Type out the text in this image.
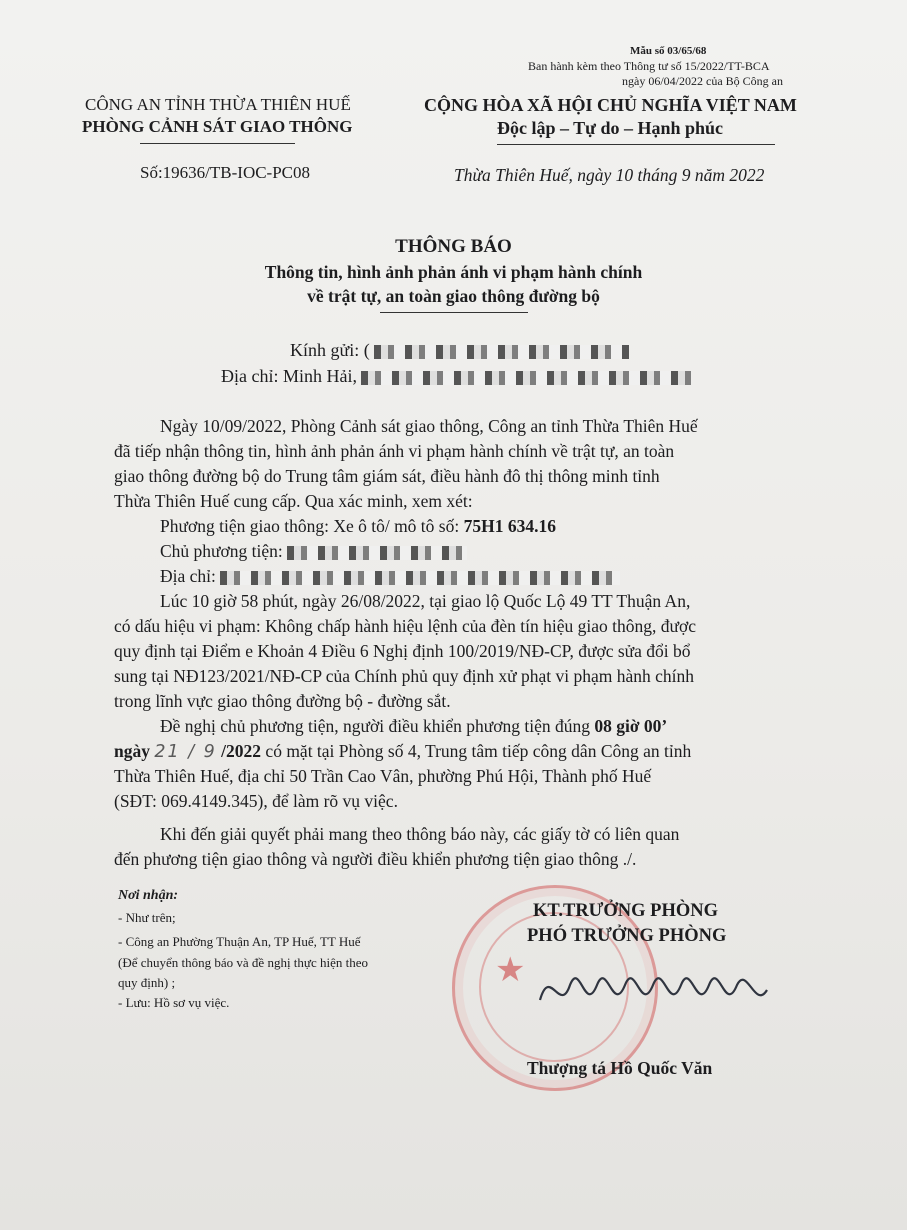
Mẫu số 03/65/68
Ban hành kèm theo Thông tư số 15/2022/TT-BCA
ngày 06/04/2022 của Bộ Công an
CÔNG AN TỈNH THỪA THIÊN HUẾ
PHÒNG CẢNH SÁT GIAO THÔNG
Số:19636/TB-IOC-PC08
CỘNG HÒA XÃ HỘI CHỦ NGHĨA VIỆT NAM
Độc lập – Tự do – Hạnh phúc
Thừa Thiên Huế, ngày 10 tháng 9 năm 2022
THÔNG BÁO
Thông tin, hình ảnh phản ánh vi phạm hành chính
về trật tự, an toàn giao thông đường bộ
Kính gửi: (
Địa chỉ: Minh Hải,
Ngày 10/09/2022, Phòng Cảnh sát giao thông, Công an tỉnh Thừa Thiên Huế
đã tiếp nhận thông tin, hình ảnh phản ánh vi phạm hành chính về trật tự, an toàn
giao thông đường bộ do Trung tâm giám sát, điều hành đô thị thông minh tỉnh
Thừa Thiên Huế cung cấp. Qua xác minh, xem xét:
Phương tiện giao thông: Xe ô tô/ mô tô số: 75H1 634.16
Chủ phương tiện:
Địa chỉ:
Lúc 10 giờ 58 phút, ngày 26/08/2022, tại giao lộ Quốc Lộ 49 TT Thuận An,
có dấu hiệu vi phạm: Không chấp hành hiệu lệnh của đèn tín hiệu giao thông, được
quy định tại Điểm e Khoản 4 Điều 6 Nghị định 100/2019/NĐ-CP, được sửa đổi bổ
sung tại NĐ123/2021/NĐ-CP của Chính phủ quy định xử phạt vi phạm hành chính
trong lĩnh vực giao thông đường bộ - đường sắt.
Đề nghị chủ phương tiện, người điều khiển phương tiện đúng 08 giờ 00’
ngày 21 / 9 /2022 có mặt tại Phòng số 4, Trung tâm tiếp công dân Công an tỉnh
Thừa Thiên Huế, địa chỉ 50 Trần Cao Vân, phường Phú Hội, Thành phố Huế
(SĐT: 069.4149.345), để làm rõ vụ việc.
Khi đến giải quyết phải mang theo thông báo này, các giấy tờ có liên quan
đến phương tiện giao thông và người điều khiển phương tiện giao thông ./.
Nơi nhận:
- Như trên;
- Công an Phường Thuận An, TP Huế, TT Huế
(Để chuyển thông báo và đề nghị thực hiện theo
quy định) ;
- Lưu: Hồ sơ vụ việc.
★
KT.TRƯỞNG PHÒNG
PHÓ TRƯỞNG PHÒNG
Thượng tá Hồ Quốc Văn
